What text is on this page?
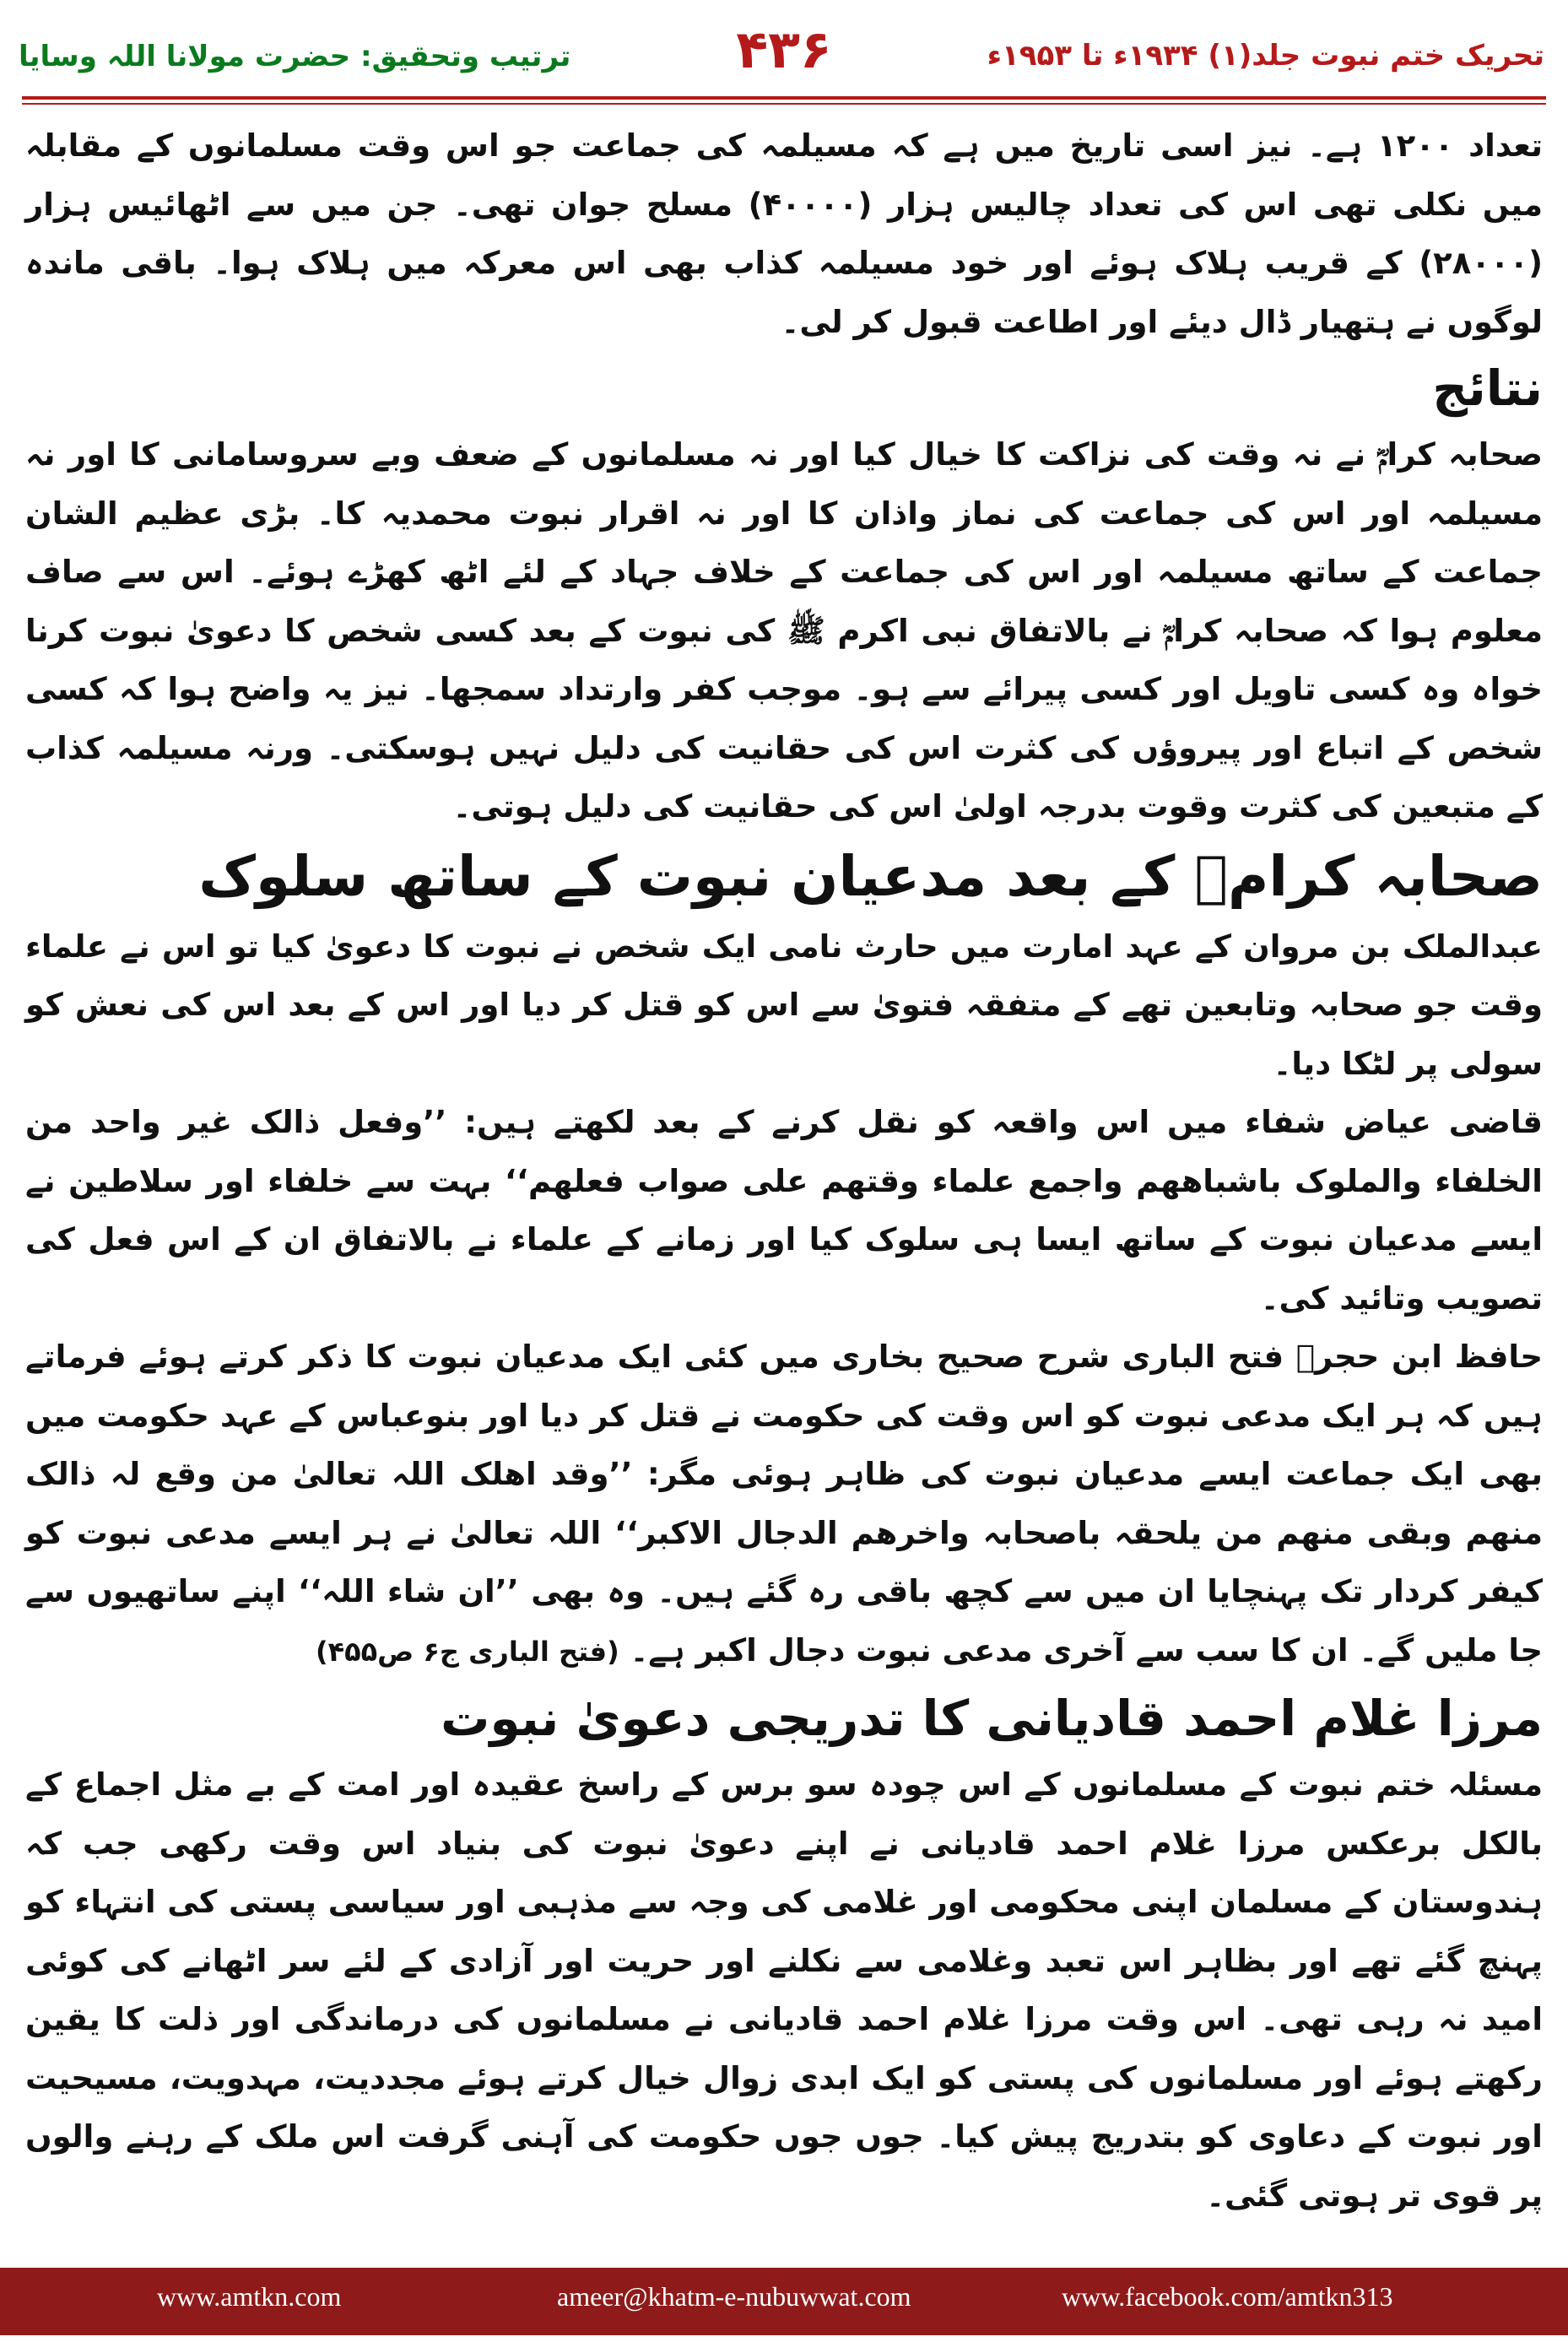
تحریک ختم نبوت جلد(۱) ۱۹۳۴ء تا ۱۹۵۳ء
۴۳۶
ترتیب وتحقیق: حضرت مولانا اللہ وسایا

تعداد ۱۲۰۰ ہے۔ نیز اسی تاریخ میں ہے کہ مسیلمہ کی جماعت جو اس وقت مسلمانوں کے مقابلہ میں نکلی تھی اس کی تعداد چالیس ہزار (۴۰۰۰۰) مسلح جوان تھی۔ جن میں سے اٹھائیس ہزار (۲۸۰۰۰) کے قریب ہلاک ہوئے اور خود مسیلمہ کذاب بھی اس معرکہ میں ہلاک ہوا۔ باقی ماندہ لوگوں نے ہتھیار ڈال دیئے اور اطاعت قبول کر لی۔

نتائج

صحابہ کرامؓ نے نہ وقت کی نزاکت کا خیال کیا اور نہ مسلمانوں کے ضعف وبے سروسامانی کا اور نہ مسیلمہ اور اس کی جماعت کی نماز واذان کا اور نہ اقرار نبوت محمدیہ کا۔ بڑی عظیم الشان جماعت کے ساتھ مسیلمہ اور اس کی جماعت کے خلاف جہاد کے لئے اٹھ کھڑے ہوئے۔ اس سے صاف معلوم ہوا کہ صحابہ کرامؓ نے بالاتفاق نبی اکرم ﷺ کی نبوت کے بعد کسی شخص کا دعویٰ نبوت کرنا خواہ وہ کسی تاویل اور کسی پیرائے سے ہو۔ موجب کفر وارتداد سمجھا۔ نیز یہ واضح ہوا کہ کسی شخص کے اتباع اور پیروؤں کی کثرت اس کی حقانیت کی دلیل نہیں ہوسکتی۔ ورنہ مسیلمہ کذاب کے متبعین کی کثرت وقوت بدرجہ اولیٰ اس کی حقانیت کی دلیل ہوتی۔

صحابہ کرامؓ کے بعد مدعیان نبوت کے ساتھ سلوک

عبدالملک بن مروان کے عہد امارت میں حارث نامی ایک شخص نے نبوت کا دعویٰ کیا تو اس نے علماء وقت جو صحابہ وتابعین تھے کے متفقہ فتویٰ سے اس کو قتل کر دیا اور اس کے بعد اس کی نعش کو سولی پر لٹکا دیا۔

قاضی عیاض شفاء میں اس واقعہ کو نقل کرنے کے بعد لکھتے ہیں: ’’وفعل ذالک غیر واحد من الخلفاء والملوک باشباھھم واجمع علماء وقتھم علی صواب فعلھم‘‘ بہت سے خلفاء اور سلاطین نے ایسے مدعیان نبوت کے ساتھ ایسا ہی سلوک کیا اور زمانے کے علماء نے بالاتفاق ان کے اس فعل کی تصویب وتائید کی۔

حافظ ابن حجرؒ فتح الباری شرح صحیح بخاری میں کئی ایک مدعیان نبوت کا ذکر کرتے ہوئے فرماتے ہیں کہ ہر ایک مدعی نبوت کو اس وقت کی حکومت نے قتل کر دیا اور بنوعباس کے عہد حکومت میں بھی ایک جماعت ایسے مدعیان نبوت کی ظاہر ہوئی مگر: ’’وقد اھلک اللہ تعالیٰ من وقع لہ ذالک منھم وبقی منھم من یلحقہ باصحابہ واخرھم الدجال الاکبر‘‘ اللہ تعالیٰ نے ہر ایسے مدعی نبوت کو کیفر کردار تک پہنچایا ان میں سے کچھ باقی رہ گئے ہیں۔ وہ بھی ’’ان شاء اللہ‘‘ اپنے ساتھیوں سے جا ملیں گے۔ ان کا سب سے آخری مدعی نبوت دجال اکبر ہے۔ (فتح الباری ج۶ ص۴۵۵)

مرزا غلام احمد قادیانی کا تدریجی دعویٰ نبوت

مسئلہ ختم نبوت کے مسلمانوں کے اس چودہ سو برس کے راسخ عقیدہ اور امت کے بے مثل اجماع کے بالکل برعکس مرزا غلام احمد قادیانی نے اپنے دعویٰ نبوت کی بنیاد اس وقت رکھی جب کہ ہندوستان کے مسلمان اپنی محکومی اور غلامی کی وجہ سے مذہبی اور سیاسی پستی کی انتہاء کو پہنچ گئے تھے اور بظاہر اس تعبد وغلامی سے نکلنے اور حریت اور آزادی کے لئے سر اٹھانے کی کوئی امید نہ رہی تھی۔ اس وقت مرزا غلام احمد قادیانی نے مسلمانوں کی درماندگی اور ذلت کا یقین رکھتے ہوئے اور مسلمانوں کی پستی کو ایک ابدی زوال خیال کرتے ہوئے مجددیت، مہدویت، مسیحیت اور نبوت کے دعاوی کو بتدریج پیش کیا۔ جوں جوں حکومت کی آہنی گرفت اس ملک کے رہنے والوں پر قوی تر ہوتی گئی۔

www.amtkn.com	ameer@khatm-e-nubuwwat.com	www.facebook.com/amtkn313
